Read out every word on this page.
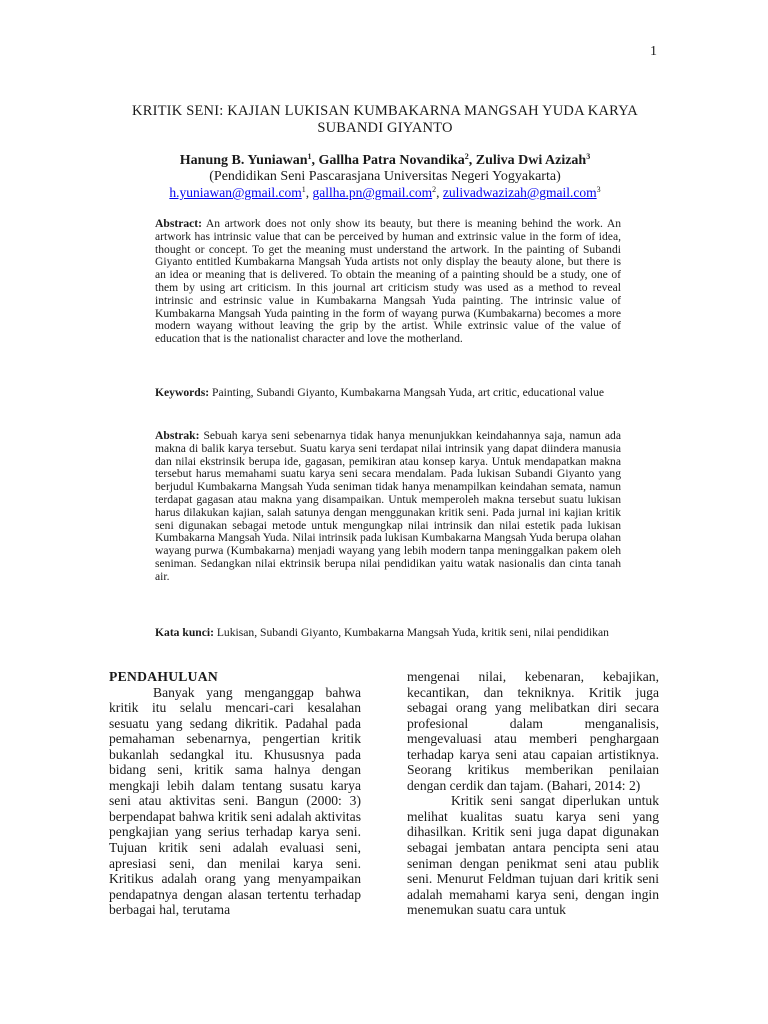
1
KRITIK SENI: KAJIAN LUKISAN KUMBAKARNA MANGSAH YUDA KARYA SUBANDI GIYANTO
Hanung B. Yuniawan$^1$, Gallha Patra Novandika$^2$, Zuliva Dwi Azizah$^3$
(Pendidikan Seni Pascarasjana Universitas Negeri Yogyakarta)
h.yuniawan@gmail.com$^1$, gallha.pn@gmail.com$^2$, zulivadwazizah@gmail.com$^3$
Abstract: An artwork does not only show its beauty, but there is meaning behind the work. An artwork has intrinsic value that can be perceived by human and extrinsic value in the form of idea, thought or concept. To get the meaning must understand the artwork. In the painting of Subandi Giyanto entitled Kumbakarna Mangsah Yuda artists not only display the beauty alone, but there is an idea or meaning that is delivered. To obtain the meaning of a painting should be a study, one of them by using art criticism. In this journal art criticism study was used as a method to reveal intrinsic and estrinsic value in Kumbakarna Mangsah Yuda painting. The intrinsic value of Kumbakarna Mangsah Yuda painting in the form of wayang purwa (Kumbakarna) becomes a more modern wayang without leaving the grip by the artist. While extrinsic value of the value of education that is the nationalist character and love the motherland.
Keywords: Painting, Subandi Giyanto, Kumbakarna Mangsah Yuda, art critic, educational value
Abstrak: Sebuah karya seni sebenarnya tidak hanya menunjukkan keindahannya saja, namun ada makna di balik karya tersebut. Suatu karya seni terdapat nilai intrinsik yang dapat diindera manusia dan nilai ekstrinsik berupa ide, gagasan, pemikiran atau konsep karya. Untuk mendapatkan makna tersebut harus memahami suatu karya seni secara mendalam. Pada lukisan Subandi Giyanto yang berjudul Kumbakarna Mangsah Yuda seniman tidak hanya menampilkan keindahan semata, namun terdapat gagasan atau makna yang disampaikan. Untuk memperoleh makna tersebut suatu lukisan harus dilakukan kajian, salah satunya dengan menggunakan kritik seni. Pada jurnal ini kajian kritik seni digunakan sebagai metode untuk mengungkap nilai intrinsik dan nilai estetik pada lukisan Kumbakarna Mangsah Yuda. Nilai intrinsik pada lukisan Kumbakarna Mangsah Yuda berupa olahan wayang purwa (Kumbakarna) menjadi wayang yang lebih modern tanpa meninggalkan pakem oleh seniman. Sedangkan nilai ektrinsik berupa nilai pendidikan yaitu watak nasionalis dan cinta tanah air.
Kata kunci: Lukisan, Subandi Giyanto, Kumbakarna Mangsah Yuda, kritik seni, nilai pendidikan
PENDAHULUAN

Banyak yang menganggap bahwa kritik itu selalu mencari-cari kesalahan sesuatu yang sedang dikritik. Padahal pada pemahaman sebenarnya, pengertian kritik bukanlah sedangkal itu. Khususnya pada bidang seni, kritik sama halnya dengan mengkaji lebih dalam tentang susatu karya seni atau aktivitas seni. Bangun (2000: 3) berpendapat bahwa kritik seni adalah aktivitas pengkajian yang serius terhadap karya seni. Tujuan kritik seni adalah evaluasi seni, apresiasi seni, dan menilai karya seni. Kritikus adalah orang yang menyampaikan pendapatnya dengan alasan tertentu terhadap berbagai hal, terutama

mengenai nilai, kebenaran, kebajikan, kecantikan, dan tekniknya. Kritik juga sebagai orang yang melibatkan diri secara profesional dalam menganalisis, mengevaluasi atau memberi penghargaan terhadap karya seni atau capaian artistiknya. Seorang kritikus memberikan penilaian dengan cerdik dan tajam. (Bahari, 2014: 2)

Kritik seni sangat diperlukan untuk melihat kualitas suatu karya seni yang dihasilkan. Kritik seni juga dapat digunakan sebagai jembatan antara pencipta seni atau seniman dengan penikmat seni atau publik seni. Menurut Feldman tujuan dari kritik seni adalah memahami karya seni, dengan ingin menemukan suatu cara untuk
